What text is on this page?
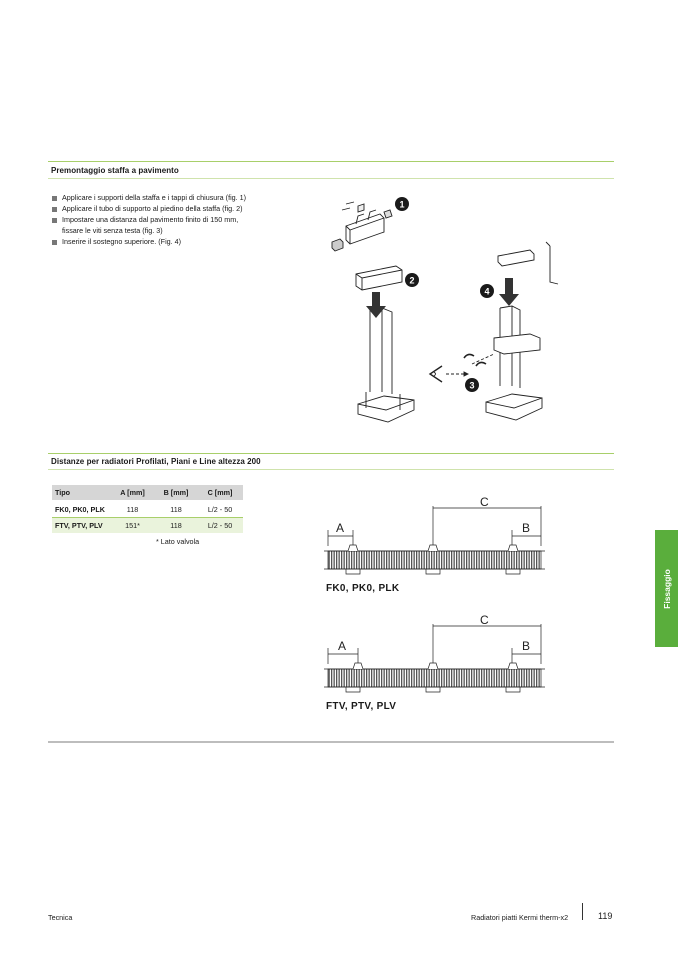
Premontaggio staffa a pavimento
Applicare i supporti della staffa e i tappi di chiusura (fig. 1)
Applicare il tubo di supporto al piedino della staffa (fig. 2)
Impostare una distanza dal pavimento finito di 150 mm,
fissare le viti senza testa (fig. 3)
Inserire il sostegno superiore. (Fig. 4)
1
2
3
4
Distanze per radiatori Profilati, Piani e Line altezza 200
Tipo	A [mm]	B [mm]	C [mm]
FK0, PK0, PLK	118	118	L/2 - 50
FTV, PTV, PLV	151*	118	L/2 - 50
* Lato valvola
C
A	B
FK0, PK0, PLK
C
A	B
FTV, PTV, PLV
Fissaggio
Tecnica	Radiatori piatti Kermi therm-x2	119
